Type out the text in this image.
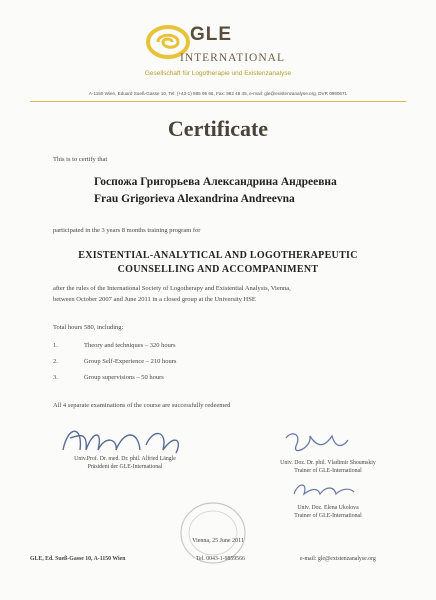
GLE
INTERNATIONAL
Gesellschaft für Logotherapie und Existenzanalyse
A-1150 Wien, Eduard Sueß-Gasse 10, Tel. (+43-1) 985 95 66, Fax: 982 48 45, e-mail: gle@existenzanalyse.org, DVR 0990671
Certificate
This is to certify that
Госпожа Григорьева Александрина Андреевна
Frau Grigorieva Alexandrina Andreevna
participated in the 3 years 8 months training program for
EXISTENTIAL-ANALYTICAL AND LOGOTHERAPEUTIC
COUNSELLING AND ACCOMPANIMENT
after the rules of the International Society of Logotherapy and Existential Analysis, Vienna,
between October 2007 and June 2011 in a closed group at the University HSE
Total hours 580, including:
1.	Theory and techniques – 320 hours
2.	Group Self-Experience – 210 hours
3.	Group supervisions – 50 hours
All 4 separate examinations of the course are successfully redeemed
Univ.Prof. Dr. med. Dr. phil. Alfried Längle
Präsident der GLE-International
Univ. Doz. Dr. phil. Vladimir Shoumskiy
Trainer of GLE-International
Univ. Doz. Elena Ukolova
Trainer of GLE-International
Vienna, 25 June 2011
GLE, Ed. Sueß-Gasse 10, A-1150 Wien	Tel. 0043-1-9859566	e-mail: gle@existenzanalyse.org
